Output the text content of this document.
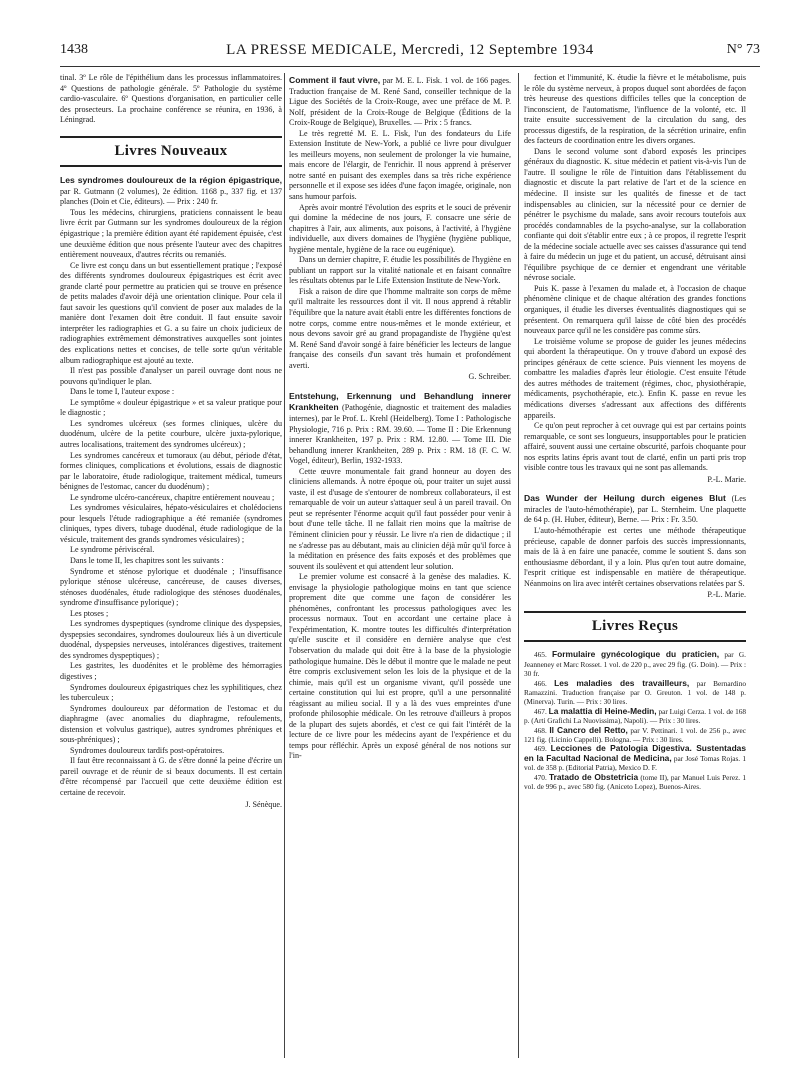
1438	LA PRESSE MEDICALE, Mercredi, 12 Septembre 1934	N° 73

tinal. 3º Le rôle de l'épithélium dans les processus inflammatoires. 4º Questions de pathologie générale. 5º Pathologie du système cardio-vasculaire. 6º Questions d'organisation, en particulier celle des prosecteurs. La prochaine conférence se réunira, en 1936, à Léningrad.

Livres Nouveaux

Les syndromes douloureux de la région épigastrique, par R. Gutmann (2 volumes), 2e édition. 1168 p., 337 fig. et 137 planches (Doin et Cie, éditeurs). — Prix : 240 fr.

Tous les médecins, chirurgiens, praticiens connaissent le beau livre écrit par Gutmann sur les syndromes douloureux de la région épigastrique ; la première édition ayant été rapidement épuisée, c'est une deuxième édition que nous présente l'auteur avec des chapitres entièrement nouveaux, d'autres récrits ou remaniés.

Ce livre est conçu dans un but essentiellement pratique ; l'exposé des différents syndromes douloureux épigastriques est écrit avec grande clarté pour permettre au praticien qui se trouve en présence de petits malades d'avoir déjà une orientation clinique. Pour cela il faut savoir les questions qu'il convient de poser aux malades de la manière dont l'examen doit être conduit. Il faut ensuite savoir interpréter les radiographies et G. a su faire un choix judicieux de radiographies extrêmement démonstratives auxquelles sont jointes des explications nettes et concises, de telle sorte qu'un véritable album radiographique est ajouté au texte.

Il n'est pas possible d'analyser un pareil ouvrage dont nous ne pouvons qu'indiquer le plan.

Dans le tome I, l'auteur expose :

Le symptôme « douleur épigastrique » et sa valeur pratique pour le diagnostic ;

Les syndromes ulcéreux (ses formes cliniques, ulcère du duodénum, ulcère de la petite courbure, ulcère juxta-pylorique, autres localisations, traitement des syndromes ulcéreux) ;

Les syndromes cancéreux et tumoraux (au début, période d'état, formes cliniques, complications et évolutions, essais de diagnostic par le laboratoire, étude radiologique, traitement médical, tumeurs bénignes de l'estomac, cancer du duodénum) ;

Le syndrome ulcéro-cancéreux, chapitre entièrement nouveau ;

Les syndromes vésiculaires, hépato-vésiculaires et cholédociens pour lesquels l'étude radiographique a été remaniée (syndromes cliniques, types divers, tubage duodénal, étude radiologique de la vésicule, traitement des grands syndromes vésiculaires) ;

Le syndrome périviscéral.

Dans le tome II, les chapitres sont les suivants :

Syndrome et sténose pylorique et duodénale ; l'insuffisance pylorique sténose ulcéreuse, cancéreuse, de causes diverses, sténoses duodénales, étude radiologique des sténoses duodénales, syndrome d'insuffisance pylorique) ;

Les ptoses ;

Les syndromes dyspeptiques (syndrome clinique des dyspepsies, dyspepsies secondaires, syndromes douloureux liés à un diverticule duodénal, dyspepsies nerveuses, intolérances digestives, traitement des syndromes dyspeptiques) ;

Les gastrites, les duodénites et le problème des hémorragies digestives ;

Syndromes douloureux épigastriques chez les syphilitiques, chez les tuberculeux ;

Syndromes douloureux par déformation de l'estomac et du diaphragme (avec anomalies du diaphragme, refoulements, distension et volvulus gastrique), autres syndromes phréniques et sous-phréniques) ;

Syndromes douloureux tardifs post-opératoires.

Il faut être reconnaissant à G. de s'être donné la peine d'écrire un pareil ouvrage et de réunir de si beaux documents. Il est certain d'être récompensé par l'accueil que cette deuxième édition est certaine de recevoir.

J. Sénèque.

Comment il faut vivre, par M. E. L. Fisk. 1 vol. de 166 pages. Traduction française de M. René Sand, conseiller technique de la Ligue des Sociétés de la Croix-Rouge, avec une préface de M. P. Nolf, président de la Croix-Rouge de Belgique (Éditions de la Croix-Rouge de Belgique), Bruxelles. — Prix : 5 francs.

Le très regretté M. E. L. Fisk, l'un des fondateurs du Life Extension Institute de New-York, a publié ce livre pour divulguer les meilleurs moyens, non seulement de prolonger la vie humaine, mais encore de l'élargir, de l'enrichir. Il nous apprend à préserver notre santé en puisant des exemples dans sa très riche expérience personnelle et il expose ses idées d'une façon imagée, originale, non sans humour parfois.

Après avoir montré l'évolution des esprits et le souci de prévenir qui domine la médecine de nos jours, F. consacre une série de chapitres à l'air, aux aliments, aux poisons, à l'activité, à l'hygiène individuelle, aux divers domaines de l'hygiène (hygiène publique, hygiène mentale, hygiène de la race ou eugénique).

Dans un dernier chapitre, F. étudie les possibilités de l'hygiène en publiant un rapport sur la vitalité nationale et en faisant connaître les résultats obtenus par le Life Extension Institute de New-York.

Fisk a raison de dire que l'homme maltraite son corps de même qu'il maltraite les ressources dont il vit. Il nous apprend à rétablir l'équilibre que la nature avait établi entre les différentes fonctions de notre corps, comme entre nous-mêmes et le monde extérieur, et nous devons savoir gré au grand propagandiste de l'hygiène qu'est M. René Sand d'avoir songé à faire bénéficier les lecteurs de langue française des conseils d'un savant très humain et profondément averti.

G. Schreiber.

Entstehung, Erkennung und Behandlung innerer Krankheiten (Pathogénie, diagnostic et traitement des maladies internes), par le Prof. L. Krehl (Heidelberg). Tome I : Pathologische Physiologie, 716 p. Prix : RM. 39.60. — Tome II : Die Erkennung innerer Krankheiten, 197 p. Prix : RM. 12.80. — Tome III. Die behandlung innerer Krankheiten, 289 p. Prix : RM. 18 (F. C. W. Vogel, éditeur), Berlin, 1932-1933.

Cette œuvre monumentale fait grand honneur au doyen des cliniciens allemands. À notre époque où, pour traiter un sujet aussi vaste, il est d'usage de s'entourer de nombreux collaborateurs, il est remarquable de voir un auteur s'attaquer seul à un pareil travail. On peut se représenter l'énorme acquit qu'il faut posséder pour venir à bout d'une telle tâche. Il ne fallait rien moins que la maîtrise de l'éminent clinicien pour y réussir. Le livre n'a rien de didactique ; il ne s'adresse pas au débutant, mais au clinicien déjà mûr qu'il force à la méditation en présence des faits exposés et des problèmes que souvent ils soulèvent et qui attendent leur solution.

Le premier volume est consacré à la genèse des maladies. K. envisage la physiologie pathologique moins en tant que science proprement dite que comme une façon de considérer les phénomènes, confrontant les processus pathologiques avec les processus normaux. Tout en accordant une certaine place à l'expérimentation, K. montre toutes les difficultés d'interprétation qu'elle suscite et il considère en dernière analyse que c'est l'observation du malade qui doit être à la base de la physiologie pathologique humaine. Dès le début il montre que le malade ne peut être compris exclusivement selon les lois de la physique et de la chimie, mais qu'il est un organisme vivant, qu'il possède une certaine constitution qui lui est propre, qu'il a une personnalité réagissant au milieu social. Il y a là des vues empreintes d'une profonde philosophie médicale. On les retrouve d'ailleurs à propos de la plupart des sujets abordés, et c'est ce qui fait l'intérêt de la lecture de ce livre pour les médecins ayant de l'expérience et du temps pour réfléchir. Après un exposé général de nos notions sur l'in-

fection et l'immunité, K. étudie la fièvre et le métabolisme, puis le rôle du système nerveux, à propos duquel sont abordées de façon très heureuse des questions difficiles telles que la conception de l'inconscient, de l'automatisme, l'influence de la volonté, etc. Il traite ensuite successivement de la circulation du sang, des processus digestifs, de la respiration, de la sécrétion urinaire, enfin des facteurs de coordination entre les divers organes.

Dans le second volume sont d'abord exposés les principes généraux du diagnostic. K. situe médecin et patient vis-à-vis l'un de l'autre. Il souligne le rôle de l'intuition dans l'établissement du diagnostic et discute la part relative de l'art et de la science en médecine. Il insiste sur les qualités de finesse et de tact indispensables au clinicien, sur la nécessité pour ce dernier de pénétrer le psychisme du malade, sans avoir recours toutefois aux procédés condamnables de la psycho-analyse, sur la collaboration confiante qui doit s'établir entre eux ; à ce propos, il regrette l'esprit de la médecine sociale actuelle avec ses caisses d'assurance qui tend à faire du médecin un juge et du patient, un accusé, détruisant ainsi l'équilibre psychique de ce dernier et engendrant une véritable névrose sociale.

Puis K. passe à l'examen du malade et, à l'occasion de chaque phénomène clinique et de chaque altération des grandes fonctions organiques, il étudie les diverses éventualités diagnostiques qui se présentent. On remarquera qu'il laisse de côté bien des procédés nouveaux parce qu'il ne les considère pas comme sûrs.

Le troisième volume se propose de guider les jeunes médecins qui abordent la thérapeutique. On y trouve d'abord un exposé des principes généraux de cette science. Puis viennent les moyens de combattre les maladies d'après leur étiologie. C'est ensuite l'étude des autres méthodes de traitement (régimes, choc, physiothérapie, médicaments, psychothérapie, etc.). Enfin K. passe en revue les médications diverses s'adressant aux affections des différents appareils.

Ce qu'on peut reprocher à cet ouvrage qui est par certains points remarquable, ce sont ses longueurs, insupportables pour le praticien affairé, souvent aussi une certaine obscurité, parfois choquante pour nos esprits latins épris avant tout de clarté, enfin un parti pris trop visible contre tous les travaux qui ne sont pas allemands.

P.-L. Marie.

Das Wunder der Heilung durch eigenes Blut (Les miracles de l'auto-hémothérapie), par L. Sternheim. Une plaquette de 64 p. (H. Huber, éditeur), Berne. — Prix : Fr. 3.50.

L'auto-hémothérapie est certes une méthode thérapeutique précieuse, capable de donner parfois des succès impressionnants, mais de là à en faire une panacée, comme le soutient S. dans son enthousiasme débordant, il y a loin. Plus qu'en tout autre domaine, l'esprit critique est indispensable en matière de thérapeutique. Néanmoins on lira avec intérêt certaines observations relatées par S.

P.-L. Marie.

Livres Reçus

465. Formulaire gynécologique du praticien, par G. Jeanneney et Marc Rosset. 1 vol. de 220 p., avec 29 fig. (G. Doin). — Prix : 30 fr.

466. Les maladies des travailleurs, par Bernardino Ramazzini. Traduction française par O. Greuton. 1 vol. de 148 p. (Minerva). Turin. — Prix : 30 lires.

467. La malattia di Heine-Medin, par Luigi Cerza. 1 vol. de 168 p. (Arti Grafichi La Nuovissima), Napoli). — Prix : 30 lires.

468. Il Cancro del Retto, par V. Pettinari. 1 vol. de 256 p., avec 121 fig. (Licinio Cappelli). Bologna. — Prix : 30 lires.

469. Lecciones de Patologia Digestiva. Sustentadas en la Facultad Nacional de Medicina, par José Tomas Rojas. 1 vol. de 358 p. (Editorial Patria), Mexico D. F.

470. Tratado de Obstetricia (tome II), par Manuel Luis Perez. 1 vol. de 996 p., avec 580 fig. (Aniceto Lopez), Buenos-Aires.
